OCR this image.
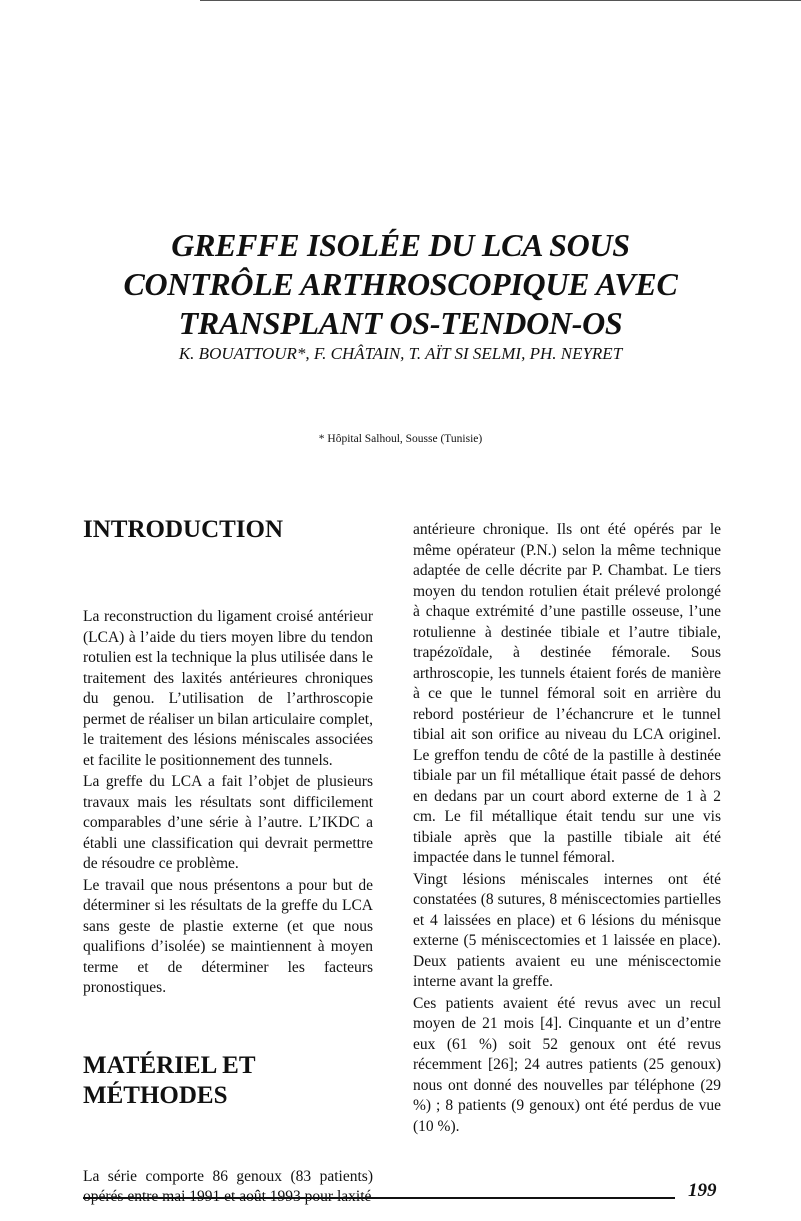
GREFFE ISOLÉE DU LCA SOUS
CONTRÔLE ARTHROSCOPIQUE AVEC
TRANSPLANT OS-TENDON-OS
K. BOUATTOUR*, F. CHÂTAIN, T. AÏT SI SELMI, PH. NEYRET
* Hôpital Salhoul, Sousse (Tunisie)
INTRODUCTION

La reconstruction du ligament croisé antérieur (LCA) à l’aide du tiers moyen libre du tendon rotulien est la technique la plus utilisée dans le traitement des laxités antérieures chroniques du genou. L’utilisation de l’arthroscopie permet de réaliser un bilan articulaire complet, le traitement des lésions méniscales associées et facilite le positionnement des tunnels.

La greffe du LCA a fait l’objet de plusieurs travaux mais les résultats sont difficilement comparables d’une série à l’autre. L’IKDC a établi une classification qui devrait permettre de résoudre ce problème.

Le travail que nous présentons a pour but de déterminer si les résultats de la greffe du LCA sans geste de plastie externe (et que nous qualifions d’isolée) se maintiennent à moyen terme et de déterminer les facteurs pronostiques.

MATÉRIEL ET
MÉTHODES

La série comporte 86 genoux (83 patients)

antérieure chronique. Ils ont été opérés par le même opérateur (P.N.) selon la même technique adaptée de celle décrite par P. Chambat. Le tiers moyen du tendon rotulien était prélevé prolongé à chaque extrémité d’une pastille osseuse, l’une rotulienne à destinée tibiale et l’autre tibiale, trapézoïdale, à destinée fémorale. Sous arthroscopie, les tunnels étaient forés de manière à ce que le tunnel fémoral soit en arrière du rebord postérieur de l’échancrure et le tunnel tibial ait son orifice au niveau du LCA originel. Le greffon tendu de côté de la pastille à destinée tibiale par un fil métallique était passé de dehors en dedans par un court abord externe de 1 à 2 cm. Le fil métallique était tendu sur une vis tibiale après que la pastille tibiale ait été impactée dans le tunnel fémoral.

Vingt lésions méniscales internes ont été constatées (8 sutures, 8 méniscectomies partielles et 4 laissées en place) et 6 lésions du ménisque externe (5 méniscectomies et 1 laissée en place). Deux patients avaient eu une méniscectomie interne avant la greffe.

Ces patients avaient été revus avec un recul moyen de 21 mois [4]. Cinquante et un d’entre eux (61 %) soit 52 genoux ont été revus récemment [26]; 24 autres patients (25 genoux) nous ont donné des nouvelles par téléphone (29 %) ; 8 patients (9 genoux) ont été perdus de vue (10 %).

199
